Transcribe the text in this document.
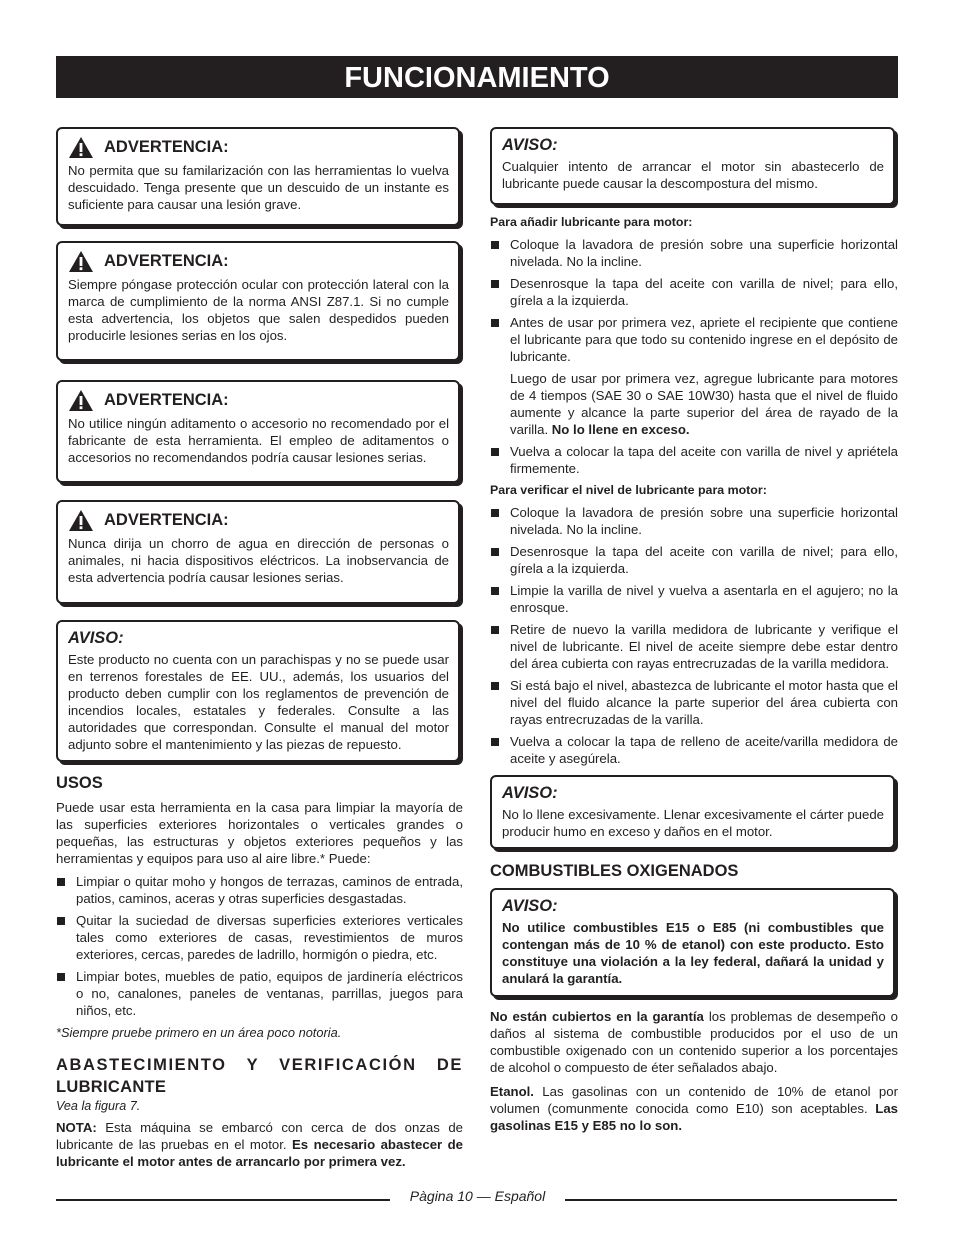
FUNCIONAMIENTO
ADVERTENCIA:
No permita que su familarización con las herramientas lo vuelva descuidado. Tenga presente que un descuido de un instante es suficiente para causar una lesión grave.
ADVERTENCIA:
Siempre póngase protección ocular con protección lateral con la marca de cumplimiento de la norma ANSI Z87.1. Si no cumple esta advertencia, los objetos que salen despedidos pueden producirle lesiones serias en los ojos.
ADVERTENCIA:
No utilice ningún aditamento o accesorio no recomendado por el fabricante de esta herramienta. El empleo de aditamentos o accesorios no recomendandos podría causar lesiones serias.
ADVERTENCIA:
Nunca dirija un chorro de agua en dirección de personas o animales, ni hacia dispositivos eléctricos. La inobservancia de esta advertencia podría causar lesiones serias.
AVISO:
Este producto no cuenta con un parachispas y no se puede usar en terrenos forestales de EE. UU., además, los usuarios del producto deben cumplir con los reglamentos de prevención de incendios locales, estatales y federales. Consulte a las autoridades que correspondan. Consulte el manual del motor adjunto sobre el mantenimiento y las piezas de repuesto.
USOS
Puede usar esta herramienta en la casa para limpiar la mayoría de las superficies exteriores horizontales o verticales grandes o pequeñas, las estructuras y objetos exteriores pequeños y las herramientas y equipos para uso al aire libre.* Puede:
Limpiar o quitar moho y hongos de terrazas, caminos de entrada, patios, caminos, aceras y otras superficies desgastadas.
Quitar la suciedad de diversas superficies exteriores verticales tales como exteriores de casas, revestimientos de muros exteriores, cercas, paredes de ladrillo, hormigón o piedra, etc.
Limpiar botes, muebles de patio, equipos de jardinería eléctricos o no, canalones, paneles de ventanas, parrillas, juegos para niños, etc.
*Siempre pruebe primero en un área poco notoria.
ABASTECIMIENTO Y VERIFICACIÓN DE
LUBRICANTE
Vea la figura 7.
NOTA: Esta máquina se embarcó con cerca de dos onzas de lubricante de las pruebas en el motor. Es necesario abastecer de lubricante el motor antes de arrancarlo por primera vez.
AVISO:
Cualquier intento de arrancar el motor sin abastecerlo de lubricante puede causar la descompostura del mismo.
Para añadir lubricante para motor:
Coloque la lavadora de presión sobre una superficie horizontal nivelada. No la incline.
Desenrosque la tapa del aceite con varilla de nivel; para ello, gírela a la izquierda.
Antes de usar por primera vez, apriete el recipiente que contiene el lubricante para que todo su contenido ingrese en el depósito de lubricante.
Luego de usar por primera vez, agregue lubricante para motores de 4 tiempos (SAE 30 o SAE 10W30) hasta que el nivel de fluido aumente y alcance la parte superior del área de rayado de la varilla. No lo llene en exceso.
Vuelva a colocar la tapa del aceite con varilla de nivel y apriétela firmemente.
Para verificar el nivel de lubricante para motor:
Coloque la lavadora de presión sobre una superficie horizontal nivelada. No la incline.
Desenrosque la tapa del aceite con varilla de nivel; para ello, gírela a la izquierda.
Limpie la varilla de nivel y vuelva a asentarla en el agujero; no la enrosque.
Retire de nuevo la varilla medidora de lubricante y verifique el nivel de lubricante. El nivel de aceite siempre debe estar dentro del área cubierta con rayas entrecruzadas de la varilla medidora.
Si está bajo el nivel, abastezca de lubricante el motor hasta que el nivel del fluido alcance la parte superior del área cubierta con rayas entrecruzadas de la varilla.
Vuelva a colocar la tapa de relleno de aceite/varilla medidora de aceite y asegúrela.
AVISO:
No lo llene excesivamente. Llenar excesivamente el cárter puede producir humo en exceso y daños en el motor.
COMBUSTIBLES OXIGENADOS
AVISO:
No utilice combustibles E15 o E85 (ni combustibles que contengan más de 10 % de etanol) con este producto. Esto constituye una violación a la ley federal, dañará la unidad y anulará la garantía.
No están cubiertos en la garantía los problemas de desempeño o daños al sistema de combustible producidos por el uso de un combustible oxigenado con un contenido superior a los porcentajes de alcohol o compuesto de éter señalados abajo.
Etanol. Las gasolinas con un contenido de 10% de etanol por volumen (comunmente conocida como E10) son aceptables. Las gasolinas E15 y E85 no lo son.
Pàgina 10 — Español
